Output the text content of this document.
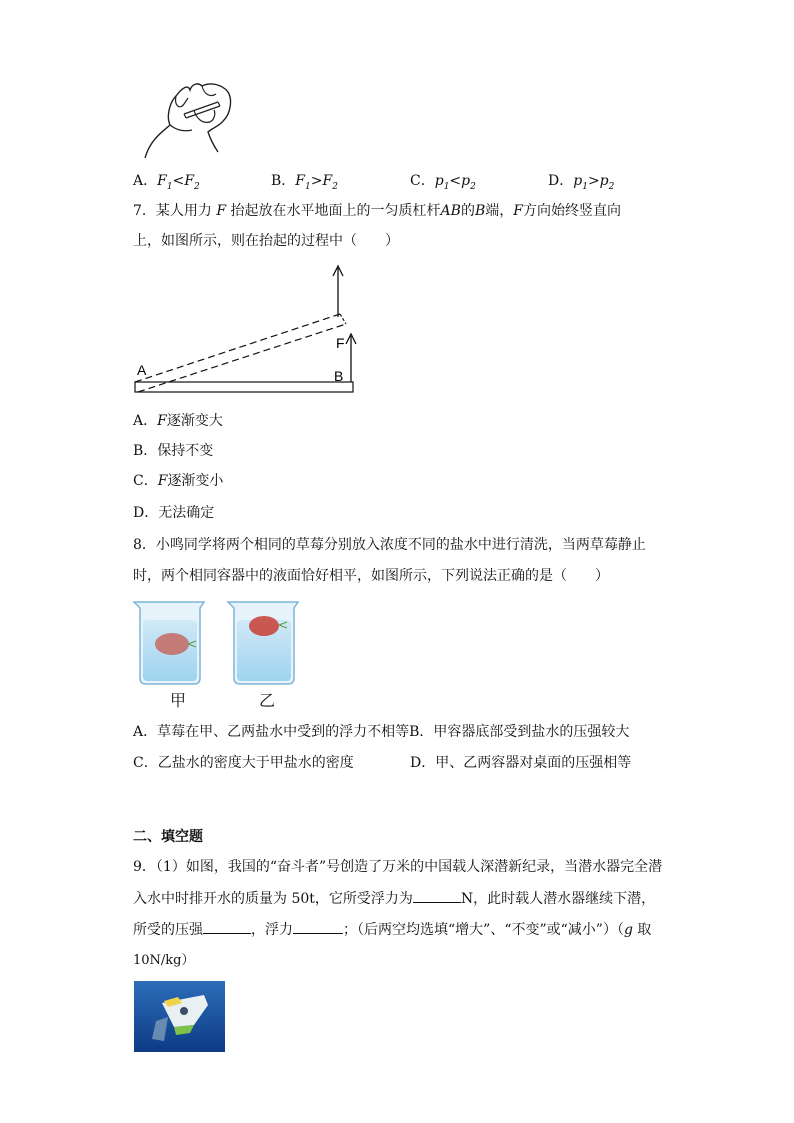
A．$F_1<F_2$	B．$F_1>F_2$	C．$p_1<p_2$	D．$p_1>p_2$
7．某人用力 F 抬起放在水平地面上的一匀质杠杆AB的B端，F方向始终竖直向
上，如图所示，则在抬起的过程中（　　）
A	B
F
A．F逐渐变大
B．保持不变
C．F逐渐变小
D．无法确定
8．小鸣同学将两个相同的草莓分别放入浓度不同的盐水中进行清洗，当两草莓静止
时，两个相同容器中的液面恰好相平，如图所示，下列说法正确的是（　　）
甲	乙
A．草莓在甲、乙两盐水中受到的浮力不相等B．甲容器底部受到盐水的压强较大
C．乙盐水的密度大于甲盐水的密度	D．甲、乙两容器对桌面的压强相等
二、填空题
9．（1）如图，我国的“奋斗者”号创造了万米的中国载人深潜新纪录，当潜水器完全潜
入水中时排开水的质量为 50t，它所受浮力为	N，此时载人潜水器继续下潜，
所受的压强	，浮力	；（后两空均选填“增大”、“不变”或“减小”）（g 取
10N/kg）
